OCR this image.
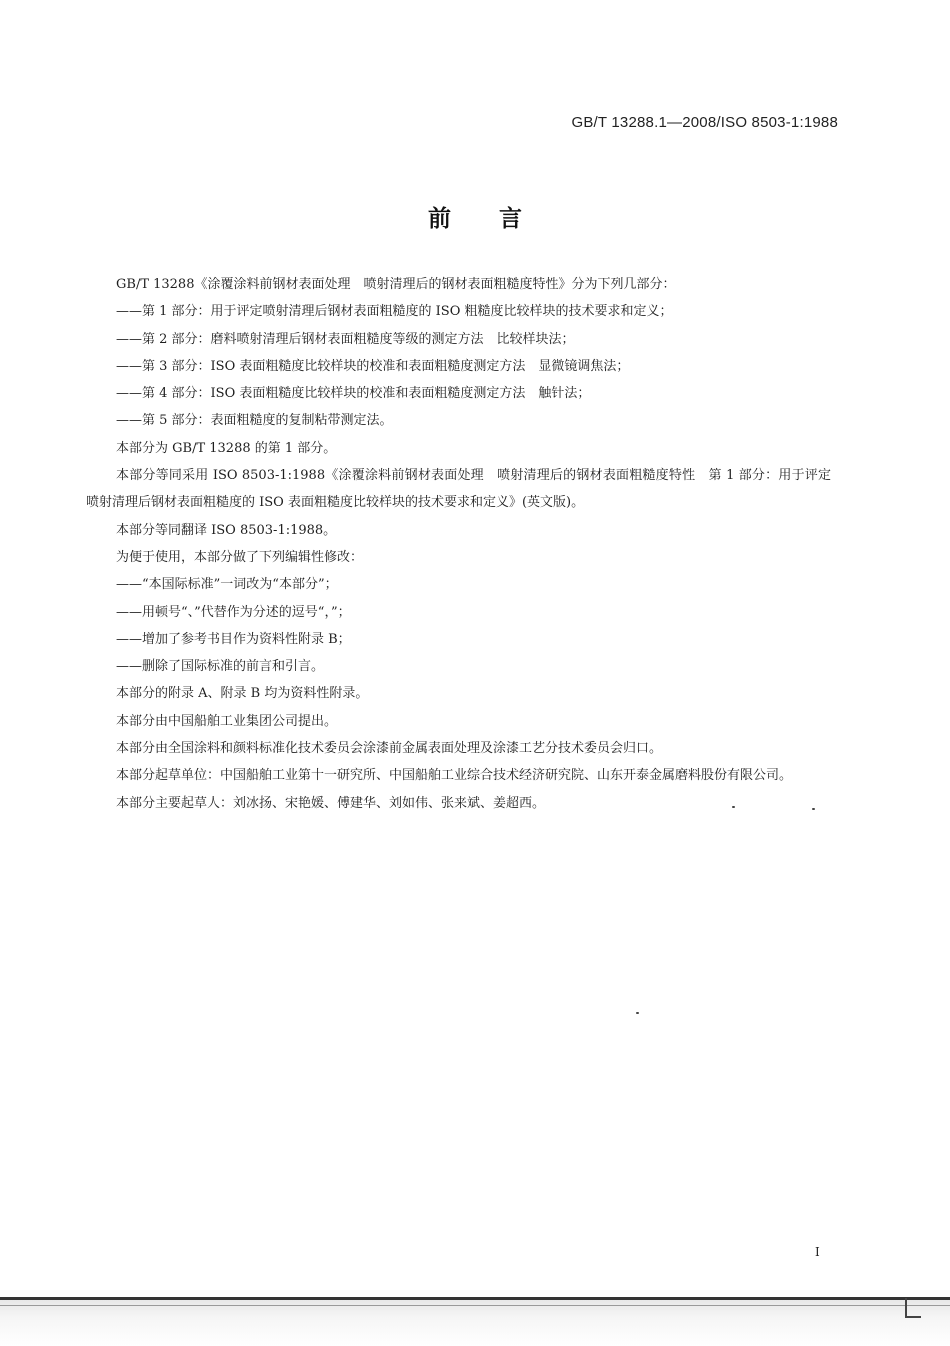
GB/T 13288.1—2008/ISO 8503-1:1988
前言

GB/T 13288《涂覆涂料前钢材表面处理　喷射清理后的钢材表面粗糙度特性》分为下列几部分：

——第 1 部分：用于评定喷射清理后钢材表面粗糙度的 ISO 粗糙度比较样块的技术要求和定义；

——第 2 部分：磨料喷射清理后钢材表面粗糙度等级的测定方法　比较样块法；

——第 3 部分：ISO 表面粗糙度比较样块的校准和表面粗糙度测定方法　显微镜调焦法；

——第 4 部分：ISO 表面粗糙度比较样块的校准和表面粗糙度测定方法　触针法；

——第 5 部分：表面粗糙度的复制粘带测定法。

本部分为 GB/T 13288 的第 1 部分。

本部分等同采用 ISO 8503-1:1988《涂覆涂料前钢材表面处理　喷射清理后的钢材表面粗糙度特性　第 1 部分：用于评定喷射清理后钢材表面粗糙度的 ISO 表面粗糙度比较样块的技术要求和定义》(英文版)。

本部分等同翻译 ISO 8503-1:1988。

为便于使用，本部分做了下列编辑性修改：

——“本国际标准”一词改为“本部分”；

——用顿号“、”代替作为分述的逗号“，”；

——增加了参考书目作为资料性附录 B；

——删除了国际标准的前言和引言。

本部分的附录 A、附录 B 均为资料性附录。

本部分由中国船舶工业集团公司提出。

本部分由全国涂料和颜料标准化技术委员会涂漆前金属表面处理及涂漆工艺分技术委员会归口。

本部分起草单位：中国船舶工业第十一研究所、中国船舶工业综合技术经济研究院、山东开泰金属磨料股份有限公司。

本部分主要起草人：刘冰扬、宋艳媛、傅建华、刘如伟、张来斌、姜超西。

I
